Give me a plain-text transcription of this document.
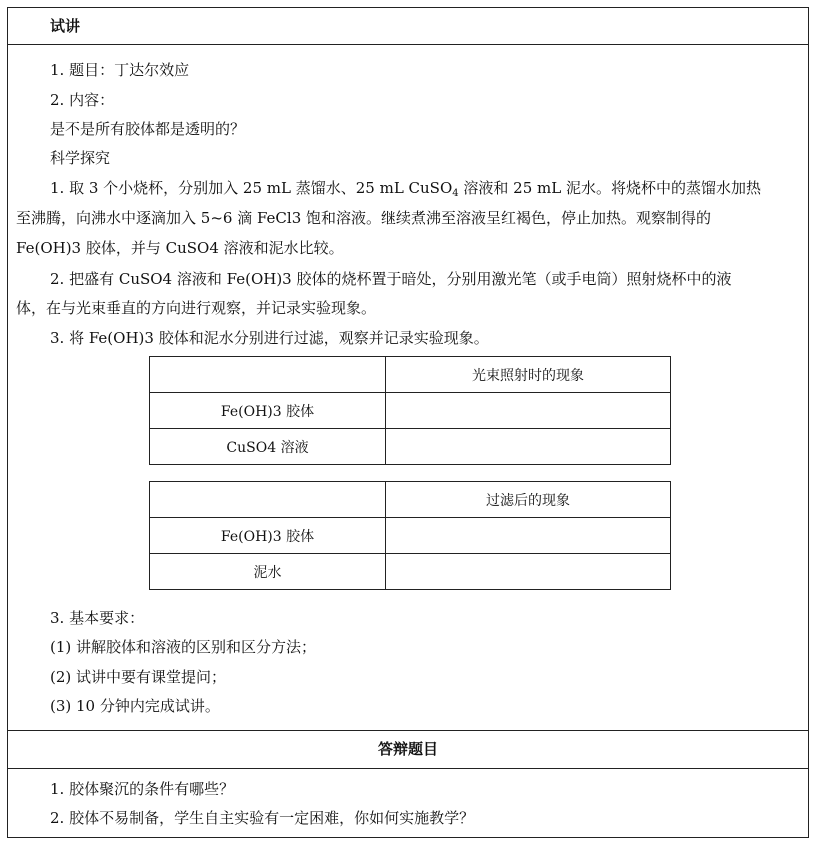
试讲
1. 题目：丁达尔效应
2. 内容：
是不是所有胶体都是透明的？
科学探究
1. 取 3 个小烧杯，分别加入 25 mL 蒸馏水、25 mL CuSO$_4$ 溶液和 25 mL 泥水。将烧杯中的蒸馏水加热
至沸腾，向沸水中逐滴加入 5~6 滴 FeCl3 饱和溶液。继续煮沸至溶液呈红褐色，停止加热。观察制得的
Fe(OH)3 胶体，并与 CuSO4 溶液和泥水比较。
2. 把盛有 CuSO4 溶液和 Fe(OH)3 胶体的烧杯置于暗处，分别用激光笔（或手电筒）照射烧杯中的液
体，在与光束垂直的方向进行观察，并记录实验现象。
3. 将 Fe(OH)3 胶体和泥水分别进行过滤，观察并记录实验现象。
	光束照射时的现象
Fe(OH)3 胶体	
CuSO4 溶液	
	过滤后的现象
Fe(OH)3 胶体	
泥水	
3. 基本要求：
(1) 讲解胶体和溶液的区别和区分方法；
(2) 试讲中要有课堂提问；
(3) 10 分钟内完成试讲。
答辩题目
1. 胶体聚沉的条件有哪些？
2. 胶体不易制备，学生自主实验有一定困难，你如何实施教学？
